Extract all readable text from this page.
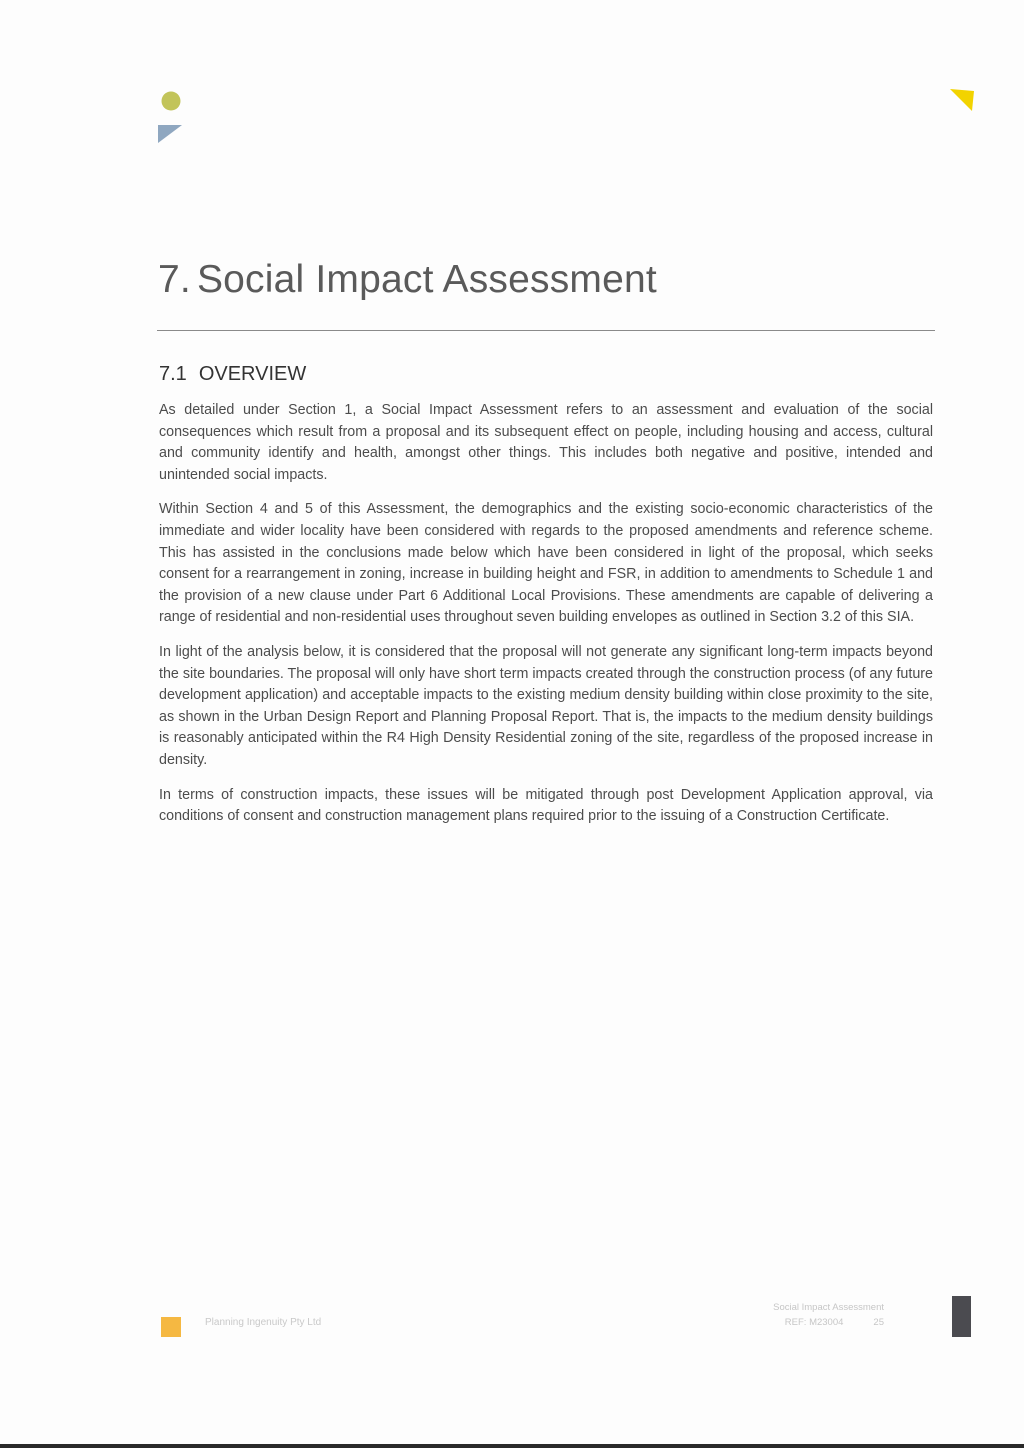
7. Social Impact Assessment
7.1 OVERVIEW

As detailed under Section 1, a Social Impact Assessment refers to an assessment and evaluation of the social consequences which result from a proposal and its subsequent effect on people, including housing and access, cultural and community identify and health, amongst other things. This includes both negative and positive, intended and unintended social impacts.

Within Section 4 and 5 of this Assessment, the demographics and the existing socio-economic characteristics of the immediate and wider locality have been considered with regards to the proposed amendments and reference scheme. This has assisted in the conclusions made below which have been considered in light of the proposal, which seeks consent for a rearrangement in zoning, increase in building height and FSR, in addition to amendments to Schedule 1 and the provision of a new clause under Part 6 Additional Local Provisions. These amendments are capable of delivering a range of residential and non-residential uses throughout seven building envelopes as outlined in Section 3.2 of this SIA.

In light of the analysis below, it is considered that the proposal will not generate any significant long-term impacts beyond the site boundaries. The proposal will only have short term impacts created through the construction process (of any future development application) and acceptable impacts to the existing medium density building within close proximity to the site, as shown in the Urban Design Report and Planning Proposal Report. That is, the impacts to the medium density buildings is reasonably anticipated within the R4 High Density Residential zoning of the site, regardless of the proposed increase in density.

In terms of construction impacts, these issues will be mitigated through post Development Application approval, via conditions of consent and construction management plans required prior to the issuing of a Construction Certificate.

Planning Ingenuity Pty Ltd
Social Impact Assessment
REF: M23004	25
